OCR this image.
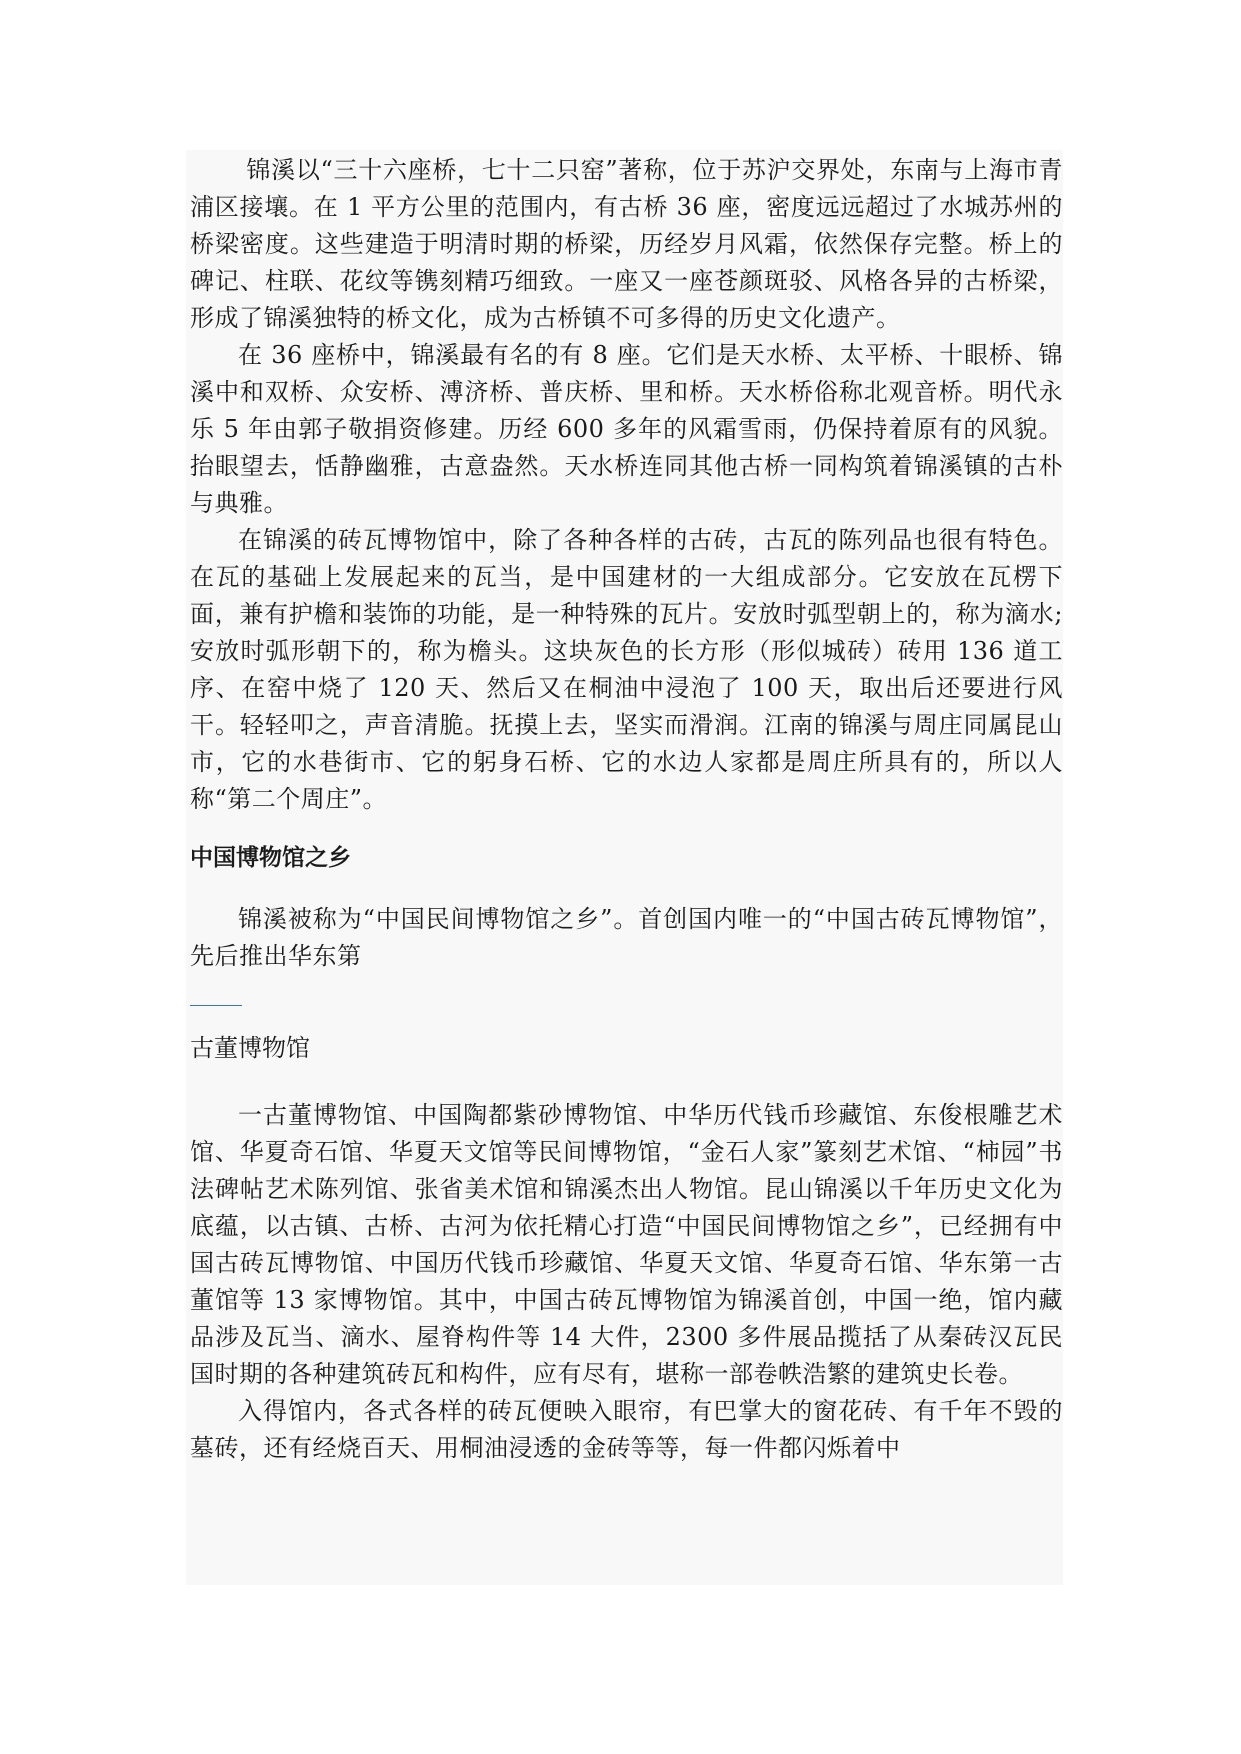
锦溪以“三十六座桥，七十二只窑”著称，位于苏沪交界处，东南与上海市青浦区接壤。在 1 平方公里的范围内，有古桥 36 座，密度远远超过了水城苏州的桥梁密度。这些建造于明清时期的桥梁，历经岁月风霜，依然保存完整。桥上的碑记、柱联、花纹等镌刻精巧细致。一座又一座苍颜斑驳、风格各异的古桥梁，形成了锦溪独特的桥文化，成为古桥镇不可多得的历史文化遗产。

在 36 座桥中，锦溪最有名的有 8 座。它们是天水桥、太平桥、十眼桥、锦溪中和双桥、众安桥、溥济桥、普庆桥、里和桥。天水桥俗称北观音桥。明代永乐 5 年由郭子敬捐资修建。历经 600 多年的风霜雪雨，仍保持着原有的风貌。抬眼望去，恬静幽雅，古意盎然。天水桥连同其他古桥一同构筑着锦溪镇的古朴与典雅。

在锦溪的砖瓦博物馆中，除了各种各样的古砖，古瓦的陈列品也很有特色。在瓦的基础上发展起来的瓦当，是中国建材的一大组成部分。它安放在瓦楞下面，兼有护檐和装饰的功能，是一种特殊的瓦片。安放时弧型朝上的，称为滴水; 安放时弧形朝下的，称为檐头。这块灰色的长方形（形似城砖）砖用 136 道工序、在窑中烧了 120 天、然后又在桐油中浸泡了 100 天，取出后还要进行风干。轻轻叩之，声音清脆。抚摸上去，坚实而滑润。江南的锦溪与周庄同属昆山市，它的水巷街市、它的躬身石桥、它的水边人家都是周庄所具有的，所以人称“第二个周庄”。

中国博物馆之乡

锦溪被称为“中国民间博物馆之乡”。首创国内唯一的“中国古砖瓦博物馆”，先后推出华东第

古董博物馆

一古董博物馆、中国陶都紫砂博物馆、中华历代钱币珍藏馆、东俊根雕艺术馆、华夏奇石馆、华夏天文馆等民间博物馆，“金石人家”篆刻艺术馆、“柿园”书法碑帖艺术陈列馆、张省美术馆和锦溪杰出人物馆。昆山锦溪以千年历史文化为底蕴，以古镇、古桥、古河为依托精心打造“中国民间博物馆之乡”，已经拥有中国古砖瓦博物馆、中国历代钱币珍藏馆、华夏天文馆、华夏奇石馆、华东第一古董馆等 13 家博物馆。其中，中国古砖瓦博物馆为锦溪首创，中国一绝，馆内藏品涉及瓦当、滴水、屋脊构件等 14 大件，2300 多件展品揽括了从秦砖汉瓦民国时期的各种建筑砖瓦和构件，应有尽有，堪称一部卷帙浩繁的建筑史长卷。

入得馆内，各式各样的砖瓦便映入眼帘，有巴掌大的窗花砖、有千年不毁的墓砖，还有经烧百天、用桐油浸透的金砖等等，每一件都闪烁着中
